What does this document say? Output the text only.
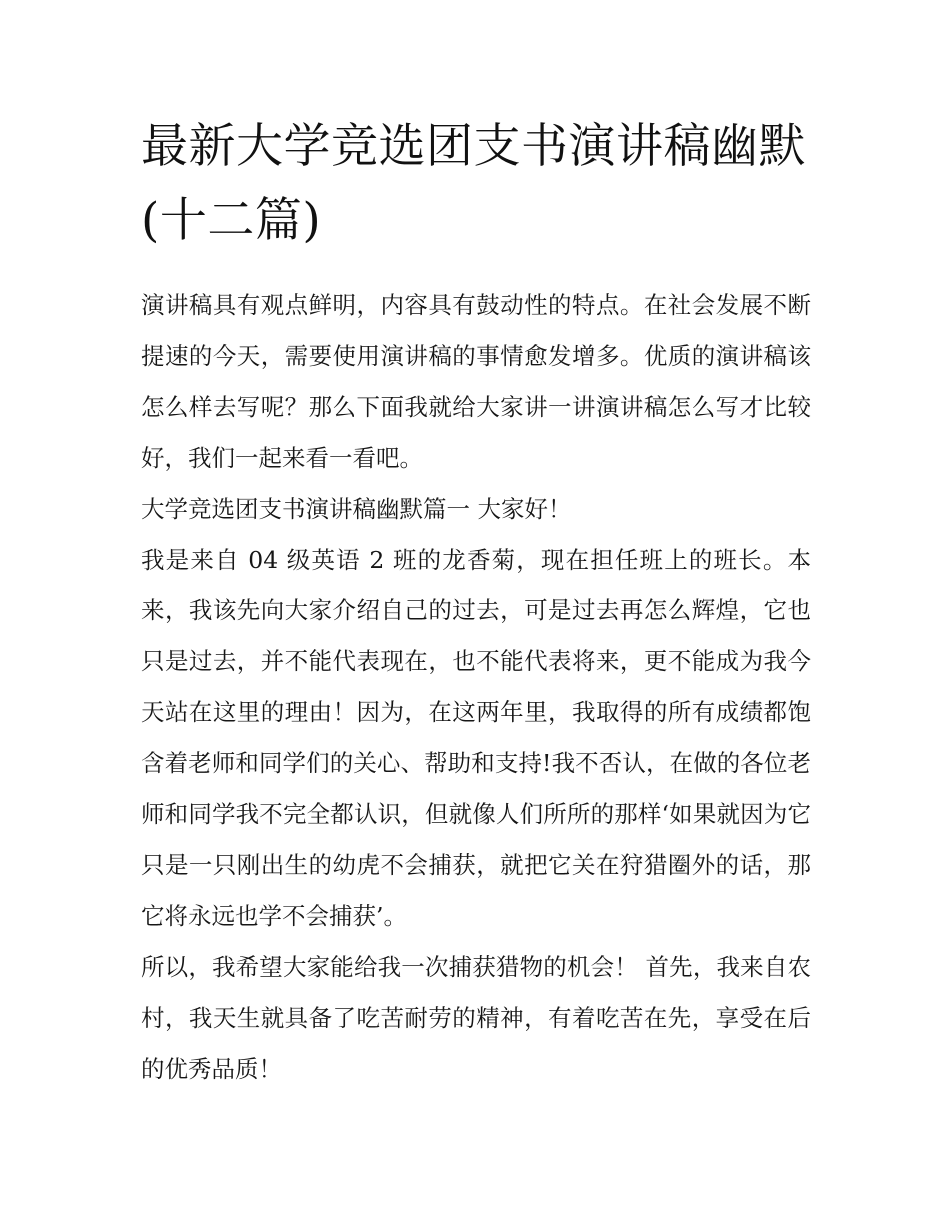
最新大学竞选团支书演讲稿幽默(十二篇)

演讲稿具有观点鲜明，内容具有鼓动性的特点。在社会发展不断提速的今天，需要使用演讲稿的事情愈发增多。优质的演讲稿该怎么样去写呢？那么下面我就给大家讲一讲演讲稿怎么写才比较好，我们一起来看一看吧。

大学竞选团支书演讲稿幽默篇一 大家好！

我是来自 04 级英语 2 班的龙香菊，现在担任班上的班长。本来，我该先向大家介绍自己的过去，可是过去再怎么辉煌，它也只是过去，并不能代表现在，也不能代表将来，更不能成为我今天站在这里的理由！因为，在这两年里，我取得的所有成绩都饱含着老师和同学们的关心、帮助和支持!我不否认，在做的各位老师和同学我不完全都认识，但就像人们所所的那样‘如果就因为它只是一只刚出生的幼虎不会捕获，就把它关在狩猎圈外的话，那它将永远也学不会捕获’。

所以，我希望大家能给我一次捕获猎物的机会！ 首先，我来自农村，我天生就具备了吃苦耐劳的精神，有着吃苦在先，享受在后的优秀品质！
